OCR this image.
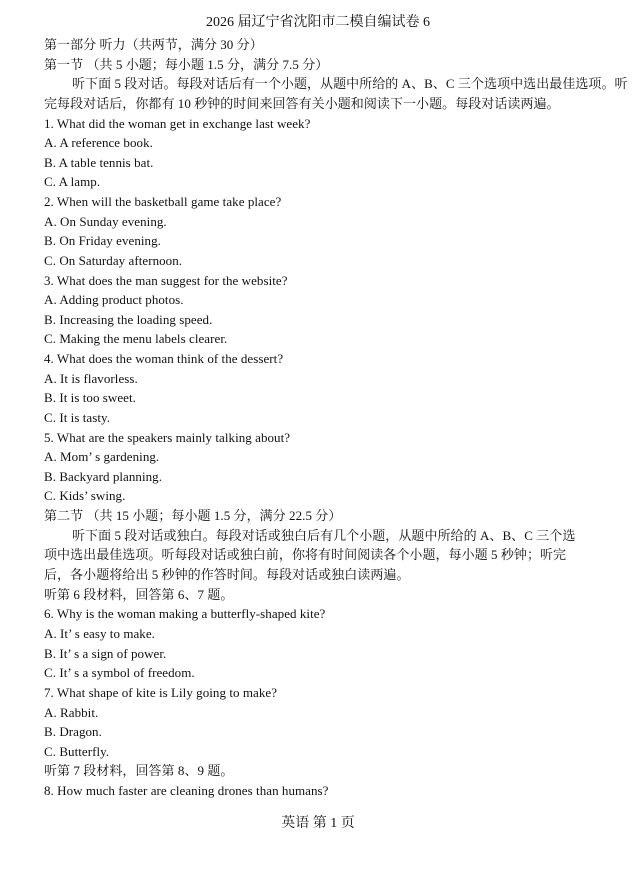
2026 届辽宁省沈阳市二模自编试卷 6
第一部分 听力（共两节，满分 30 分）
第一节 （共 5 小题；每小题 1.5 分，满分 7.5 分）
听下面 5 段对话。每段对话后有一个小题，从题中所给的 A、B、C 三个选项中选出最佳选项。听
完每段对话后，你都有 10 秒钟的时间来回答有关小题和阅读下一小题。每段对话读两遍。
1. What did the woman get in exchange last week?
A. A reference book.
B. A table tennis bat.
C. A lamp.
2. When will the basketball game take place?
A. On Sunday evening.
B. On Friday evening.
C. On Saturday afternoon.
3. What does the man suggest for the website?
A. Adding product photos.
B. Increasing the loading speed.
C. Making the menu labels clearer.
4. What does the woman think of the dessert?
A. It is flavorless.
B. It is too sweet.
C. It is tasty.
5. What are the speakers mainly talking about?
A. Mom’ s gardening.
B. Backyard planning.
C. Kids’ swing.
第二节 （共 15 小题；每小题 1.5 分，满分 22.5 分）
听下面 5 段对话或独白。每段对话或独白后有几个小题，从题中所给的 A、B、C 三个选
项中选出最佳选项。听每段对话或独白前，你将有时间阅读各个小题，每小题 5 秒钟；听完
后，各小题将给出 5 秒钟的作答时间。每段对话或独白读两遍。
听第 6 段材料，回答第 6、7 题。
6. Why is the woman making a butterfly-shaped kite?
A. It’ s easy to make.
B. It’ s a sign of power.
C. It’ s a symbol of freedom.
7. What shape of kite is Lily going to make?
A. Rabbit.
B. Dragon.
C. Butterfly.
听第 7 段材料，回答第 8、9 题。
8. How much faster are cleaning drones than humans?
英语 第 1 页
